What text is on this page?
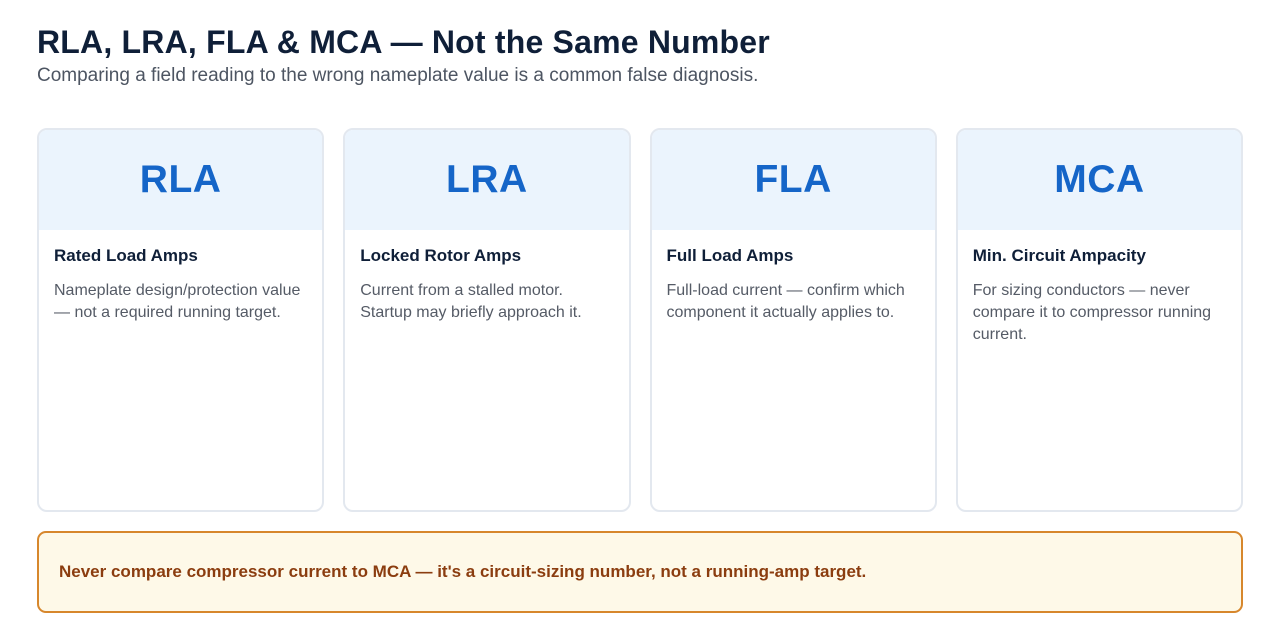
RLA, LRA, FLA & MCA — Not the Same Number

Comparing a field reading to the wrong nameplate value is a common false diagnosis.

RLA
Rated Load Amps
Nameplate design/protection value — not a required running target.
LRA
Locked Rotor Amps
Current from a stalled motor. Startup may briefly approach it.
FLA
Full Load Amps
Full-load current — confirm which component it actually applies to.
MCA
Min. Circuit Ampacity
For sizing conductors — never compare it to compressor running current.
Never compare compressor current to MCA — it's a circuit-sizing number, not a running-amp target.
